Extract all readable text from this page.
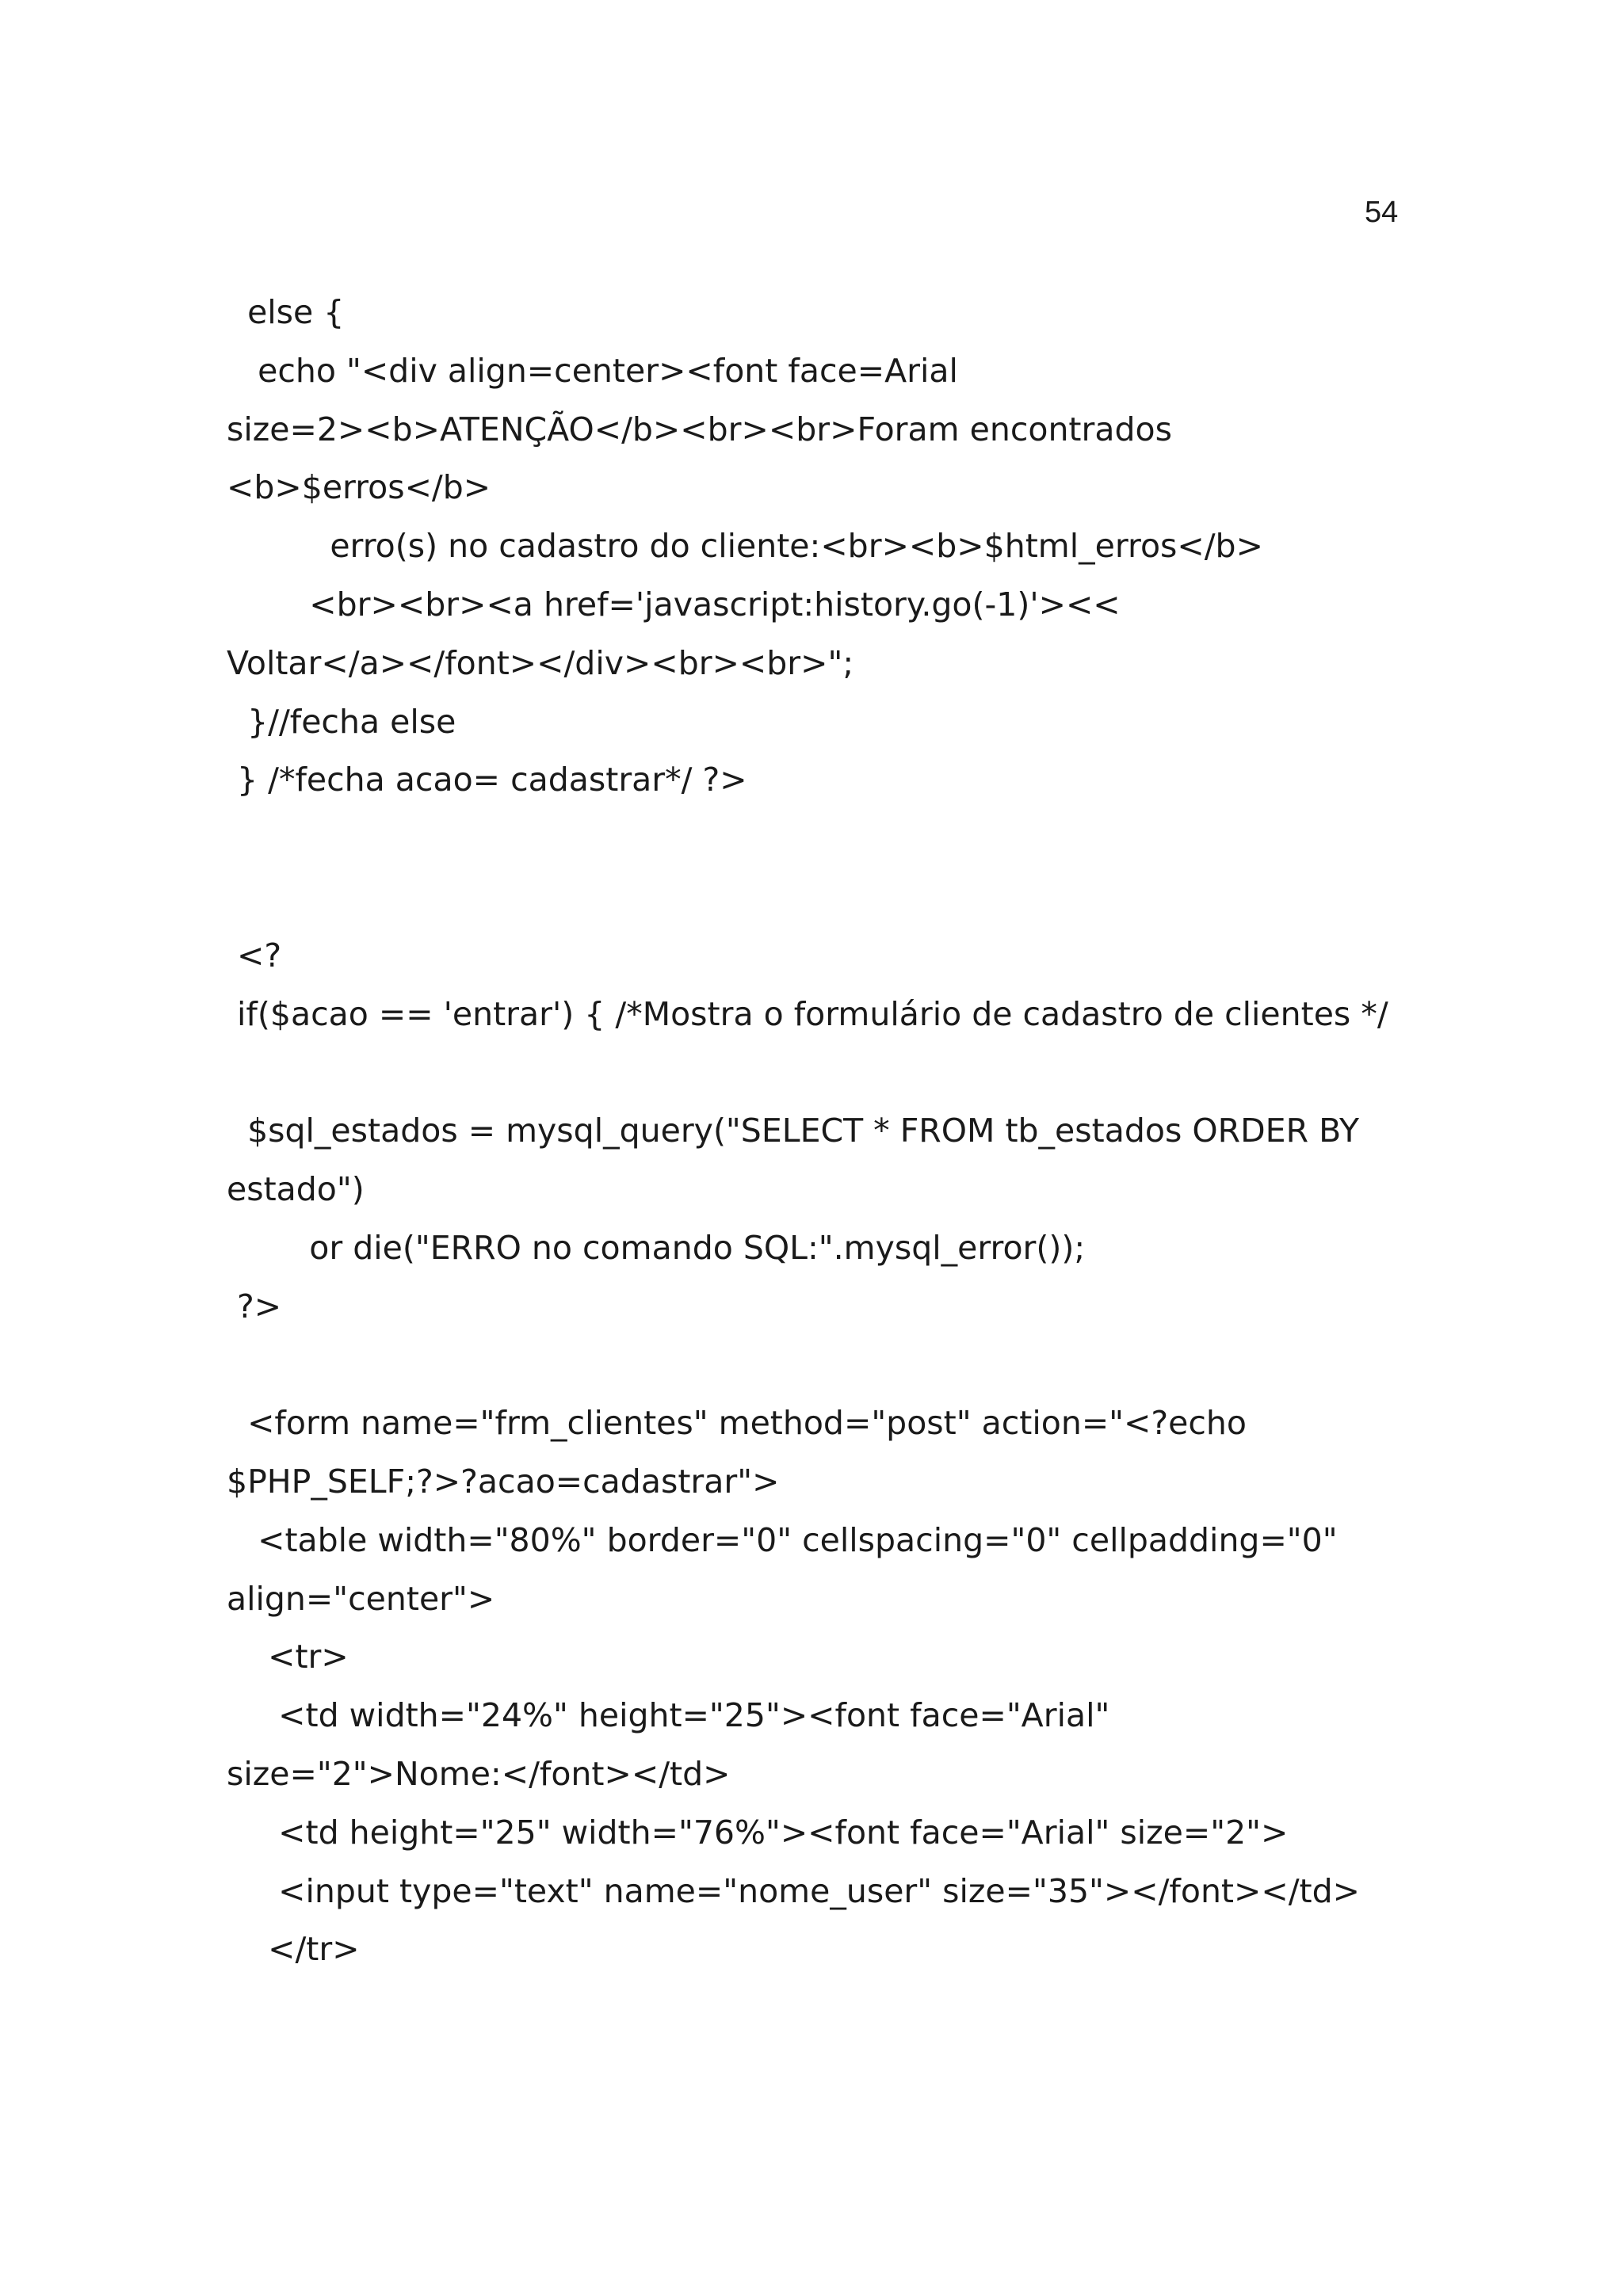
54
else {
echo "<div align=center><font face=Arial
size=2><b>ATENÇÃO</b><br><br>Foram encontrados
<b>$erros</b>
erro(s) no cadastro do cliente:<br><b>$html_erros</b>
<br><br><a href='javascript:history.go(-1)'><<
Voltar</a></font></div><br><br>";
}//fecha else
} /*fecha acao= cadastrar*/ ?>
<?
if($acao == 'entrar') { /*Mostra o formulário de cadastro de clientes */
$sql_estados = mysql_query("SELECT * FROM tb_estados ORDER BY
estado")
or die("ERRO no comando SQL:".mysql_error());
?>
<form name="frm_clientes" method="post" action="<?echo
$PHP_SELF;?>?acao=cadastrar">
<table width="80%" border="0" cellspacing="0" cellpadding="0"
align="center">
<tr>
<td width="24%" height="25"><font face="Arial"
size="2">Nome:</font></td>
<td height="25" width="76%"><font face="Arial" size="2">
<input type="text" name="nome_user" size="35"></font></td>
</tr>
